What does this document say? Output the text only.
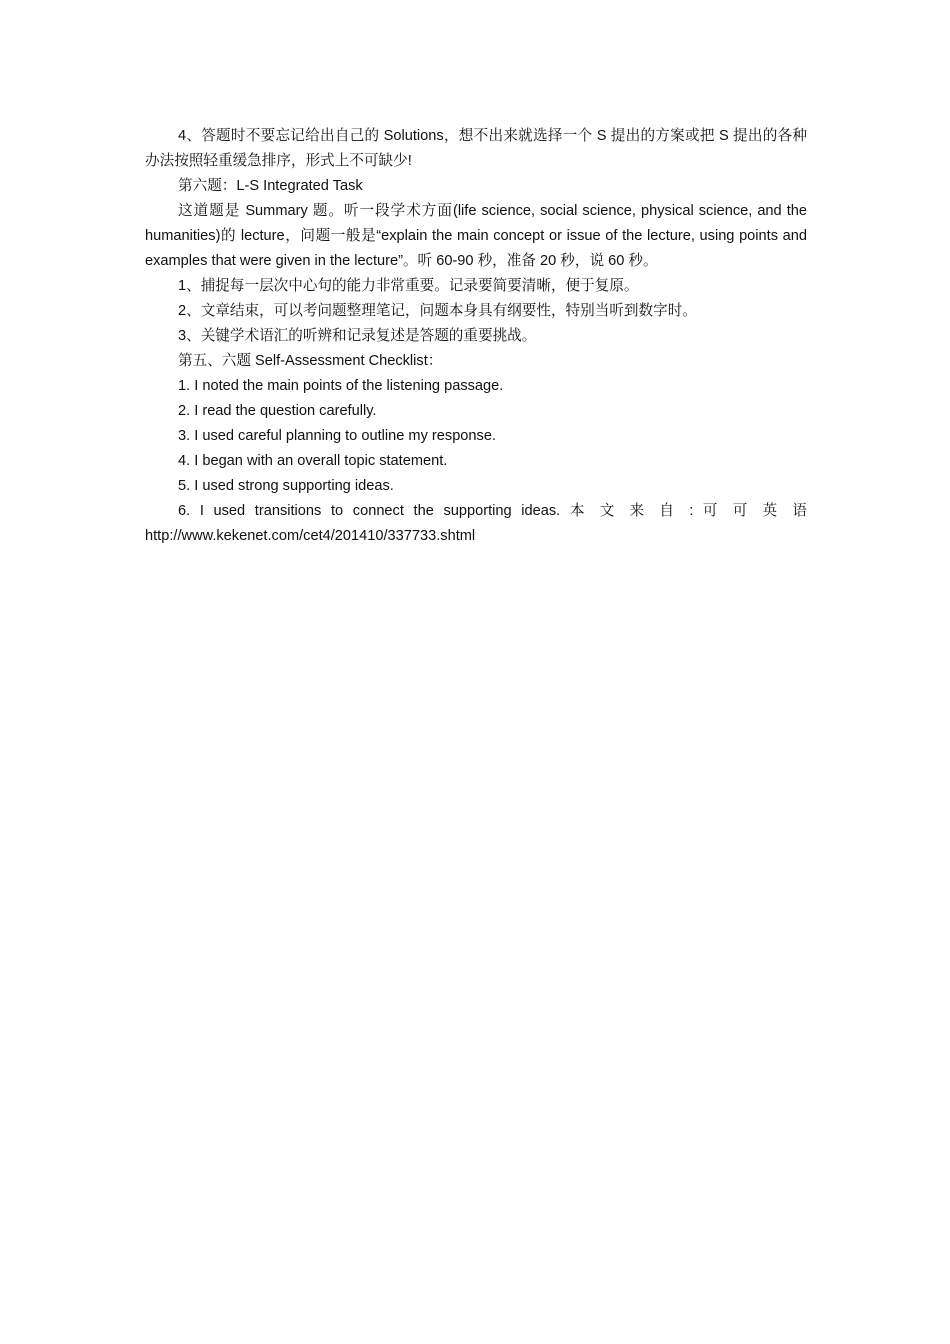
4、答题时不要忘记给出自己的 Solutions，想不出来就选择一个 S 提出的方案或把 S 提出的各种办法按照轻重缓急排序，形式上不可缺少!

第六题：L-S Integrated Task

这道题是 Summary 题。听一段学术方面(life science, social science, physical science, and the humanities)的 lecture，问题一般是“explain the main concept or issue of the lecture, using points and examples that were given in the lecture”。听 60-90 秒，准备 20 秒，说 60 秒。

1、捕捉每一层次中心句的能力非常重要。记录要简要清晰，便于复原。

2、文章结束，可以考问题整理笔记，问题本身具有纲要性，特别当听到数字时。

3、关键学术语汇的听辨和记录复述是答题的重要挑战。

第五、六题 Self-Assessment Checklist：

1. I noted the main points of the listening passage.

2. I read the question carefully.

3. I used careful planning to outline my response.

4. I began with an overall topic statement.

5. I used strong supporting ideas.

6. I used transitions to connect the supporting ideas. 本 文 来 自 : 可 可 英 语

http://www.kekenet.com/cet4/201410/337733.shtml
